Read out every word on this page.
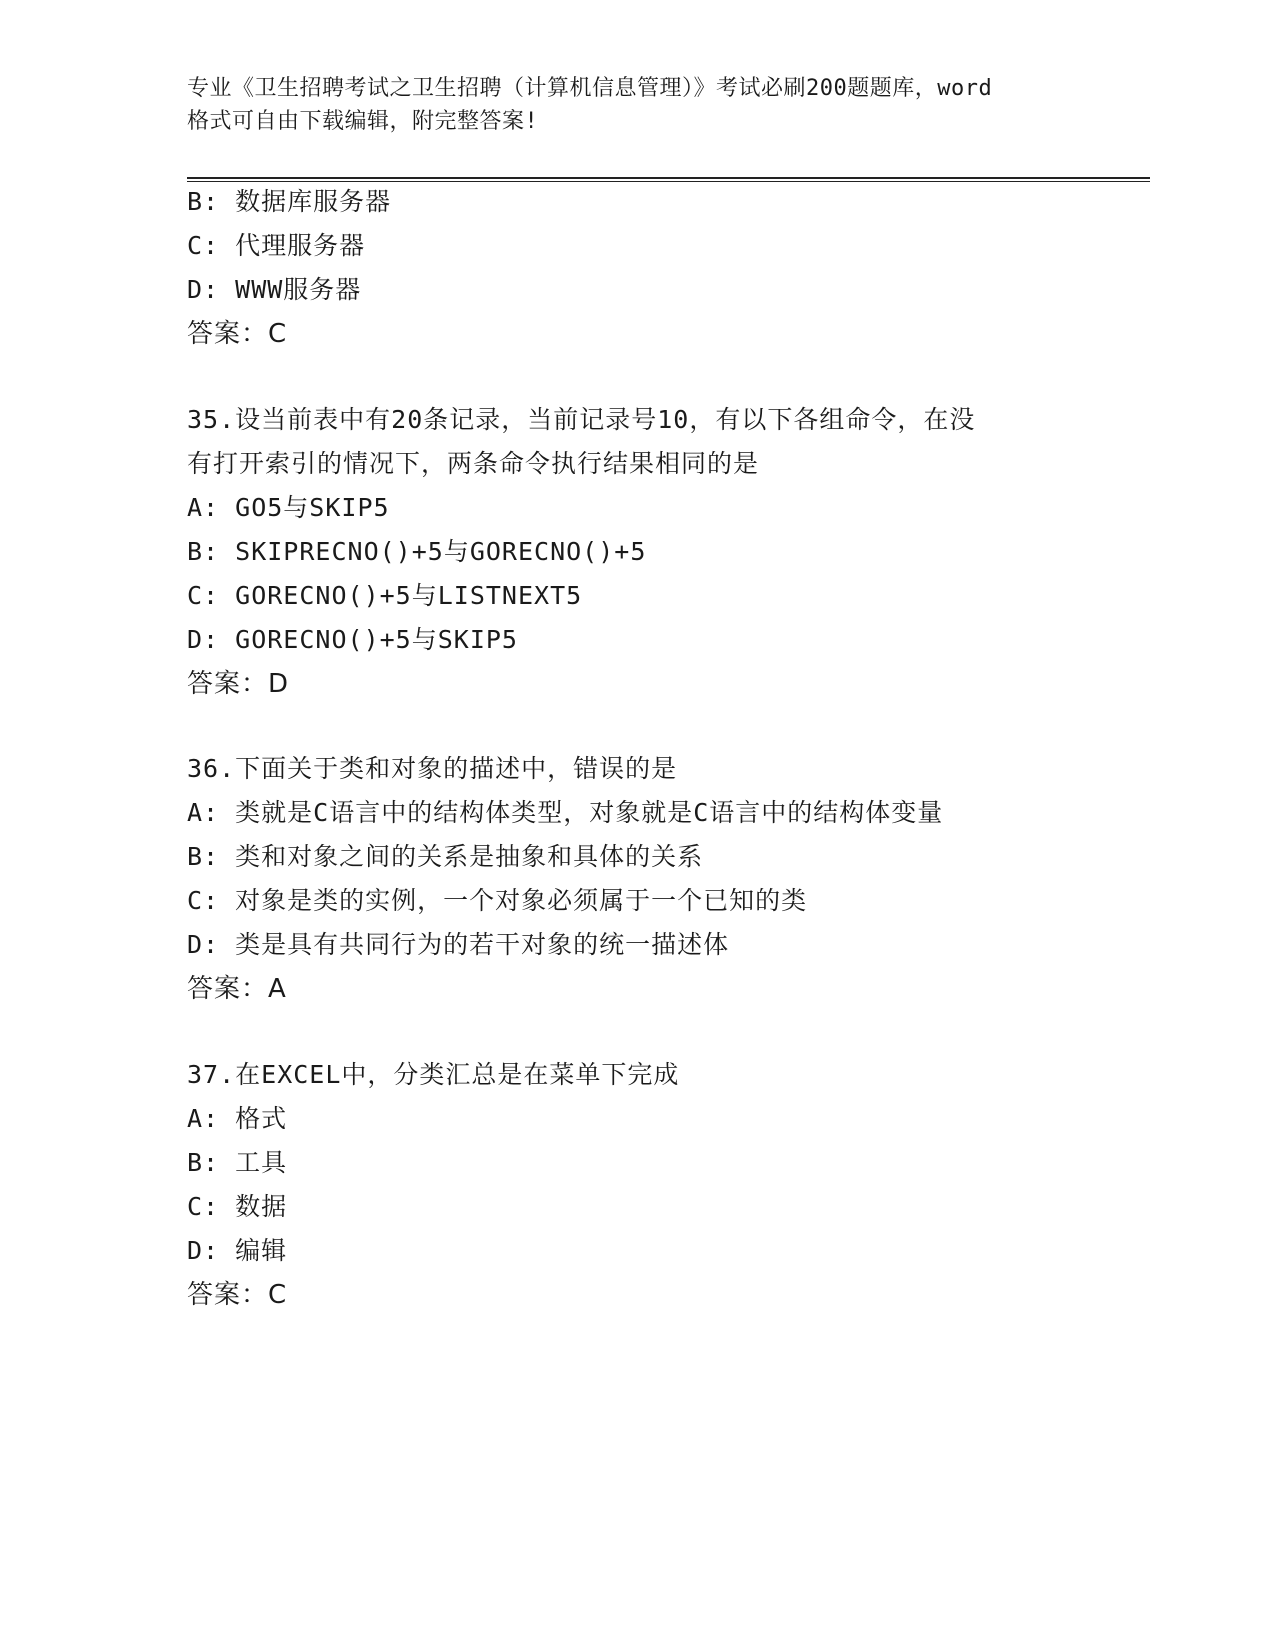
专业《卫生招聘考试之卫生招聘（计算机信息管理）》考试必刷200题题库，word
格式可自由下载编辑，附完整答案!
B: 数据库服务器
C: 代理服务器
D: WWW服务器
答案：C
35.设当前表中有20条记录，当前记录号10，有以下各组命令，在没
有打开索引的情况下，两条命令执行结果相同的是
A: GO5与SKIP5
B: SKIPRECNO()+5与GORECNO()+5
C: GORECNO()+5与LISTNEXT5
D: GORECNO()+5与SKIP5
答案：D
36.下面关于类和对象的描述中，错误的是
A: 类就是C语言中的结构体类型，对象就是C语言中的结构体变量
B: 类和对象之间的关系是抽象和具体的关系
C: 对象是类的实例，一个对象必须属于一个已知的类
D: 类是具有共同行为的若干对象的统一描述体
答案：A
37.在EXCEL中，分类汇总是在菜单下完成
A: 格式
B: 工具
C: 数据
D: 编辑
答案：C
